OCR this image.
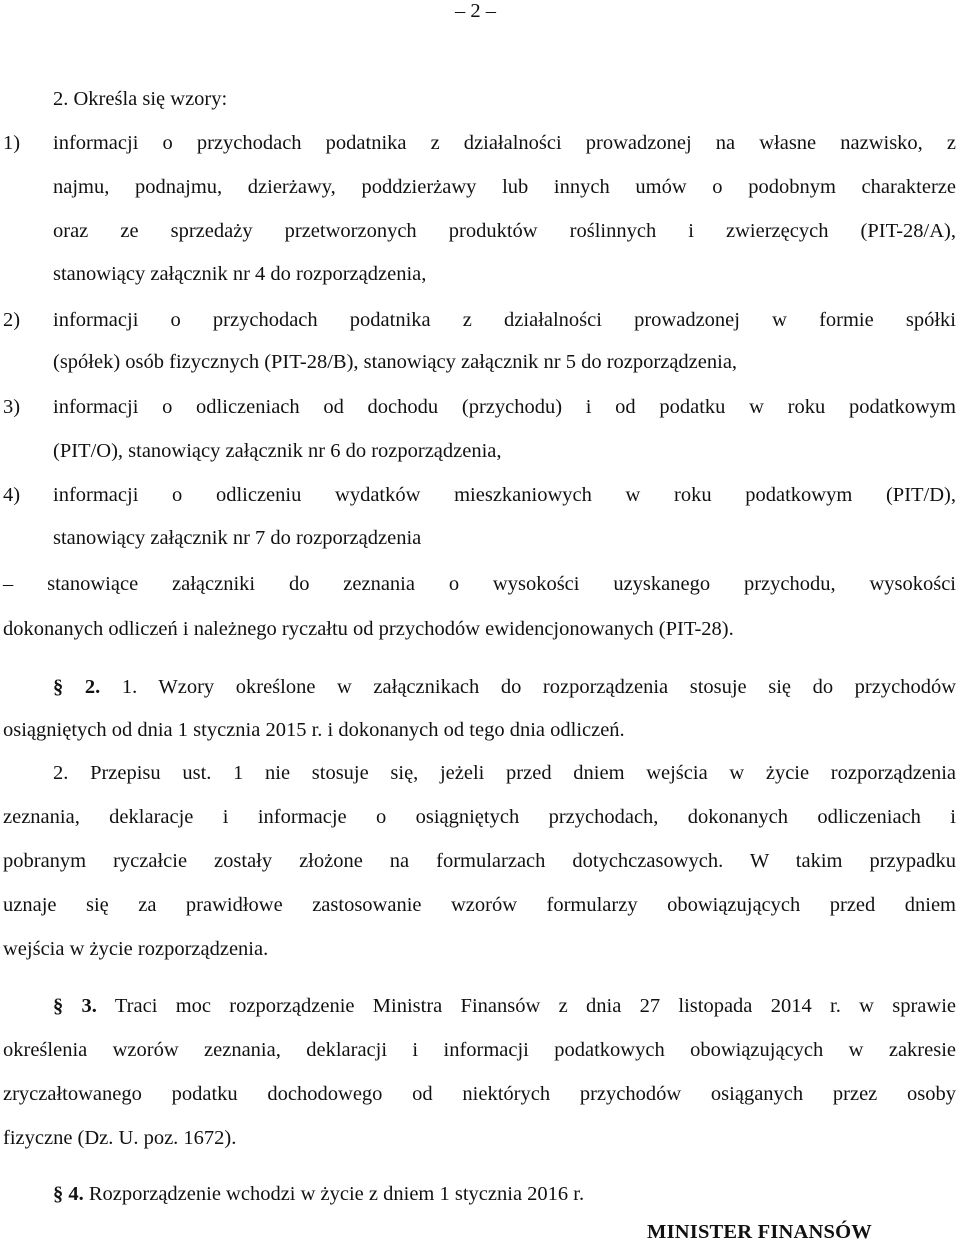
– 2 –
2. Określa się wzory:
1) informacji o przychodach podatnika z działalności prowadzonej na własne nazwisko, z
najmu, podnajmu, dzierżawy, poddzierżawy lub innych umów o podobnym charakterze
oraz ze sprzedaży przetworzonych produktów roślinnych i zwierzęcych (PIT-28/A),
stanowiący załącznik nr 4 do rozporządzenia,
2) informacji o przychodach podatnika z działalności prowadzonej w formie spółki
(spółek) osób fizycznych (PIT-28/B), stanowiący załącznik nr 5 do rozporządzenia,
3) informacji o odliczeniach od dochodu (przychodu) i od podatku w roku podatkowym
(PIT/O), stanowiący załącznik nr 6 do rozporządzenia,
4) informacji o odliczeniu wydatków mieszkaniowych w roku podatkowym (PIT/D),
stanowiący załącznik nr 7 do rozporządzenia
– stanowiące załączniki do zeznania o wysokości uzyskanego przychodu, wysokości
dokonanych odliczeń i należnego ryczałtu od przychodów ewidencjonowanych (PIT-28).
§ 2. 1. Wzory określone w załącznikach do rozporządzenia stosuje się do przychodów
osiągniętych od dnia 1 stycznia 2015 r. i dokonanych od tego dnia odliczeń.
2. Przepisu ust. 1 nie stosuje się, jeżeli przed dniem wejścia w życie rozporządzenia
zeznania, deklaracje i informacje o osiągniętych przychodach, dokonanych odliczeniach i
pobranym ryczałcie zostały złożone na formularzach dotychczasowych. W takim przypadku
uznaje się za prawidłowe zastosowanie wzorów formularzy obowiązujących przed dniem
wejścia w życie rozporządzenia.
§ 3. Traci moc rozporządzenie Ministra Finansów z dnia 27 listopada 2014 r. w sprawie
określenia wzorów zeznania, deklaracji i informacji podatkowych obowiązujących w zakresie
zryczałtowanego podatku dochodowego od niektórych przychodów osiąganych przez osoby
fizyczne (Dz. U. poz. 1672).
§ 4. Rozporządzenie wchodzi w życie z dniem 1 stycznia 2016 r.
MINISTER FINANSÓW
